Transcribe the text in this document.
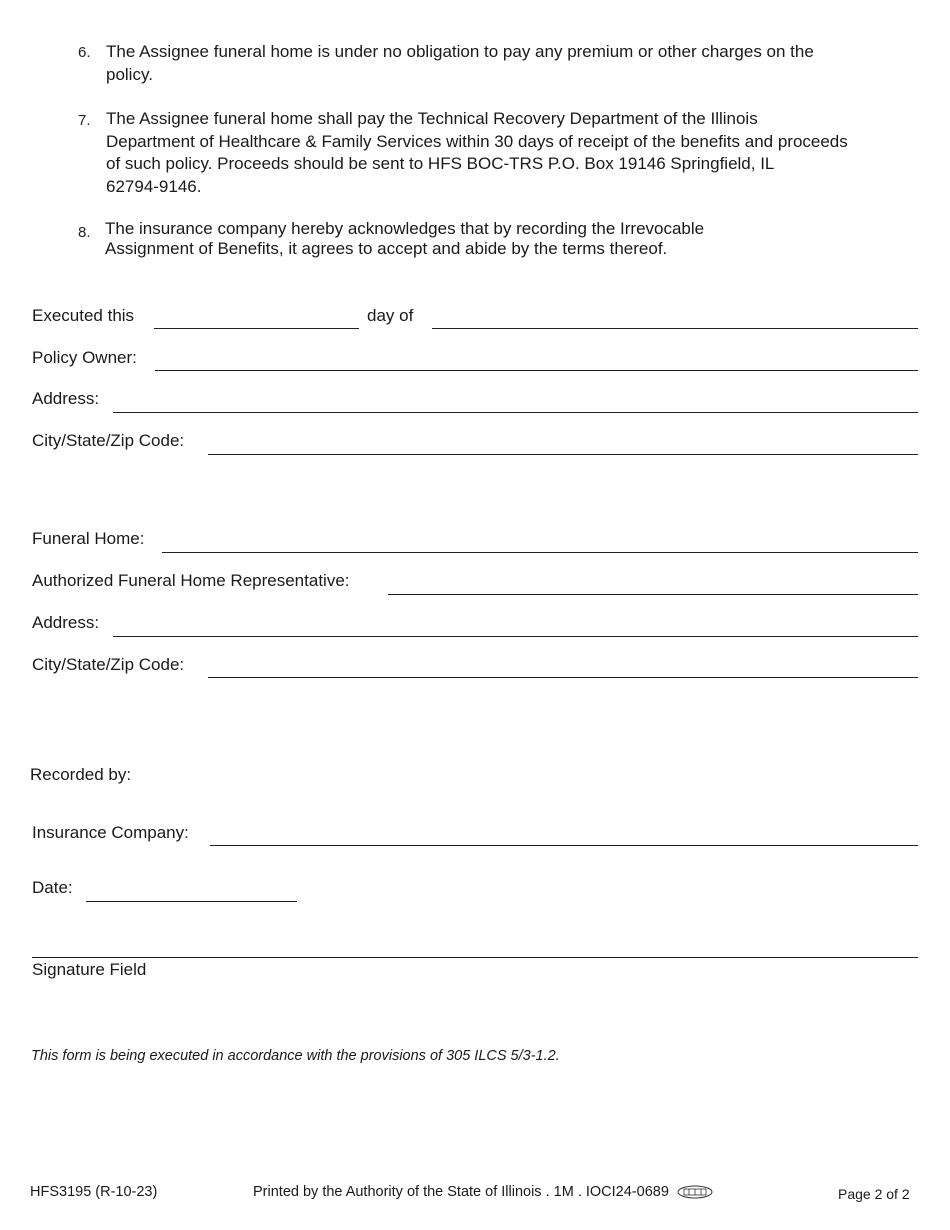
6. The Assignee funeral home is under no obligation to pay any premium or other charges on the
policy.
7. The Assignee funeral home shall pay the Technical Recovery Department of the Illinois
Department of Healthcare & Family Services within 30 days of receipt of the benefits and proceeds
of such policy. Proceeds should be sent to HFS BOC-TRS P.O. Box 19146 Springfield, IL
62794-9146.
8. The insurance company hereby acknowledges that by recording the Irrevocable
Assignment of Benefits, it agrees to accept and abide by the terms thereof.
Executed this	day of
Policy Owner:
Address:
City/State/Zip Code:
Funeral Home:
Authorized Funeral Home Representative:
Address:
City/State/Zip Code:
Recorded by:
Insurance Company:
Date:
Signature Field
This form is being executed in accordance with the provisions of 305 ILCS 5/3-1.2.
HFS3195 (R-10-23)	Printed by the Authority of the State of Illinois . 1M . IOCI24-0689	Page 2 of 2
